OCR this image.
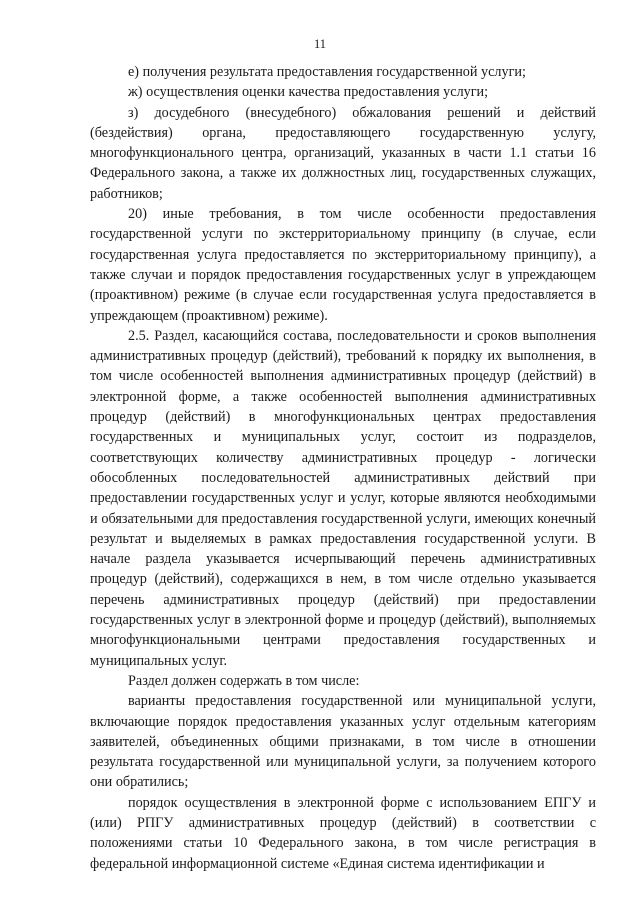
11

е) получения результата предоставления государственной услуги;

ж) осуществления оценки качества предоставления услуги;

з) досудебного (внесудебного) обжалования решений и действий (бездействия) органа, предоставляющего государственную услугу, многофункционального центра, организаций, указанных в части 1.1 статьи 16 Федерального закона, а также их должностных лиц, государственных служащих, работников;

20) иные требования, в том числе особенности предоставления государственной услуги по экстерриториальному принципу (в случае, если государственная услуга предоставляется по экстерриториальному принципу), а также случаи и порядок предоставления государственных услуг в упреждающем (проактивном) режиме (в случае если государственная услуга предоставляется в упреждающем (проактивном) режиме).

2.5. Раздел, касающийся состава, последовательности и сроков выполнения административных процедур (действий), требований к порядку их выполнения, в том числе особенностей выполнения административных процедур (действий) в электронной форме, а также особенностей выполнения административных процедур (действий) в многофункциональных центрах предоставления государственных и муниципальных услуг, состоит из подразделов, соответствующих количеству административных процедур - логически обособленных последовательностей административных действий при предоставлении государственных услуг и услуг, которые являются необходимыми и обязательными для предоставления государственной услуги, имеющих конечный результат и выделяемых в рамках предоставления государственной услуги. В начале раздела указывается исчерпывающий перечень административных процедур (действий), содержащихся в нем, в том числе отдельно указывается перечень административных процедур (действий) при предоставлении государственных услуг в электронной форме и процедур (действий), выполняемых многофункциональными центрами предоставления государственных и муниципальных услуг.

Раздел должен содержать в том числе:

варианты предоставления государственной или муниципальной услуги, включающие порядок предоставления указанных услуг отдельным категориям заявителей, объединенных общими признаками, в том числе в отношении результата государственной или муниципальной услуги, за получением которого они обратились;

порядок осуществления в электронной форме с использованием ЕПГУ и (или) РПГУ административных процедур (действий) в соответствии с положениями статьи 10 Федерального закона, в том числе регистрация в федеральной информационной системе «Единая система идентификации и
